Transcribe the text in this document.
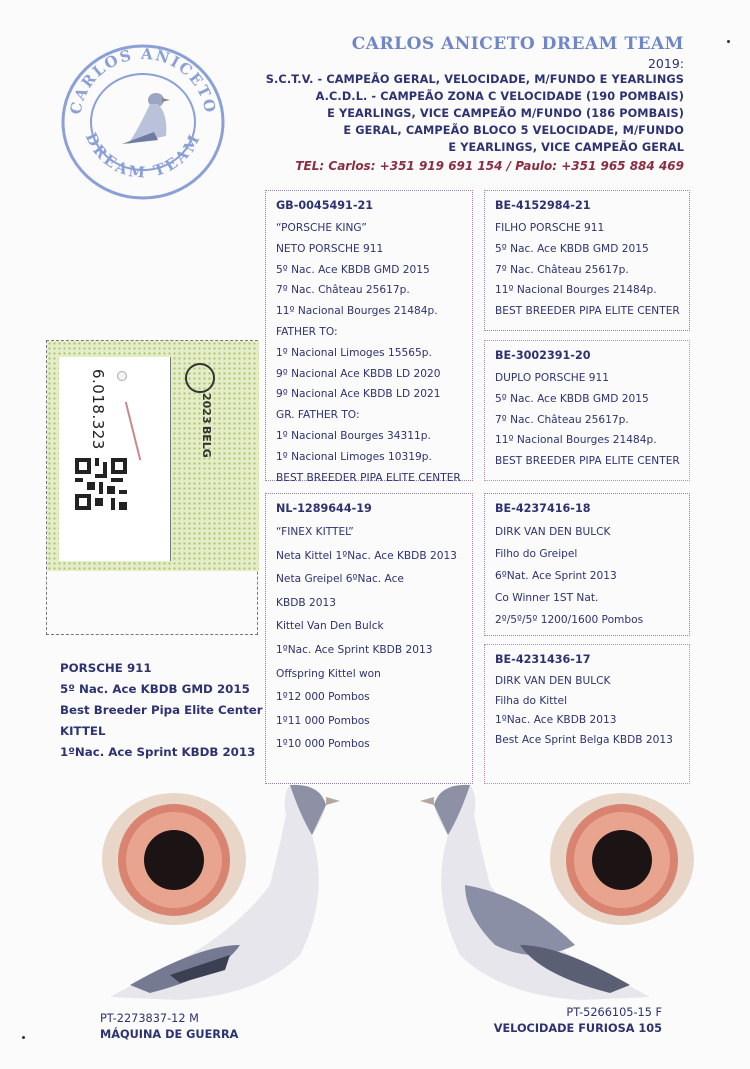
CARLOS ANICETO
DREAM TEAM
CARLOS ANICETO DREAM TEAM
2019:
S.C.T.V. - CAMPEÃO GERAL, VELOCIDADE, M/FUNDO E YEARLINGS
A.C.D.L. - CAMPEÃO ZONA C VELOCIDADE (190 POMBAIS)
E YEARLINGS, VICE CAMPEÃO M/FUNDO (186 POMBAIS)
E GERAL, CAMPEÃO BLOCO 5 VELOCIDADE, M/FUNDO
E YEARLINGS, VICE CAMPEÃO GERAL
TEL: Carlos: +351 919 691 154 / Paulo: +351 965 884 469
GB-0045491-21
“PORSCHE KING”
NETO PORSCHE 911
5º Nac. Ace KBDB GMD 2015
7º Nac. Château 25617p.
11º Nacional Bourges 21484p.
FATHER TO:
1º Nacional Limoges 15565p.
9º Nacional Ace KBDB LD 2020
9º Nacional Ace KBDB LD 2021
GR. FATHER TO:
1º Nacional Bourges 34311p.
1º Nacional Limoges 10319p.
BEST BREEDER PIPA ELITE CENTER
BE-4152984-21
FILHO PORSCHE 911
5º Nac. Ace KBDB GMD 2015
7º Nac. Château 25617p.
11º Nacional Bourges 21484p.
BEST BREEDER PIPA ELITE CENTER
BE-3002391-20
DUPLO PORSCHE 911
5º Nac. Ace KBDB GMD 2015
7º Nac. Château 25617p.
11º Nacional Bourges 21484p.
BEST BREEDER PIPA ELITE CENTER
NL-1289644-19
“FINEX KITTEL”
Neta Kittel 1ºNac. Ace KBDB 2013
Neta Greipel 6ºNac. Ace
KBDB 2013
Kittel Van Den Bulck
1ºNac. Ace Sprint KBDB 2013
Offspring Kittel won
1º12 000 Pombos
1º11 000 Pombos
1º10 000 Pombos
BE-4237416-18
DIRK VAN DEN BULCK
Filho do Greipel
6ºNat. Ace Sprint 2013
Co Winner 1ST Nat.
2º/5º/5º 1200/1600 Pombos
BE-4231436-17
DIRK VAN DEN BULCK
Filha do Kittel
1ºNac. Ace KBDB 2013
Best Ace Sprint Belga KBDB 2013
6.018.323	2023 BELG
PORSCHE 911
5º Nac. Ace KBDB GMD 2015
Best Breeder Pipa Elite Center
KITTEL
1ºNac. Ace Sprint KBDB 2013
PT-2273837-12 M
MÁQUINA DE GUERRA
PT-5266105-15 F
VELOCIDADE FURIOSA 105
